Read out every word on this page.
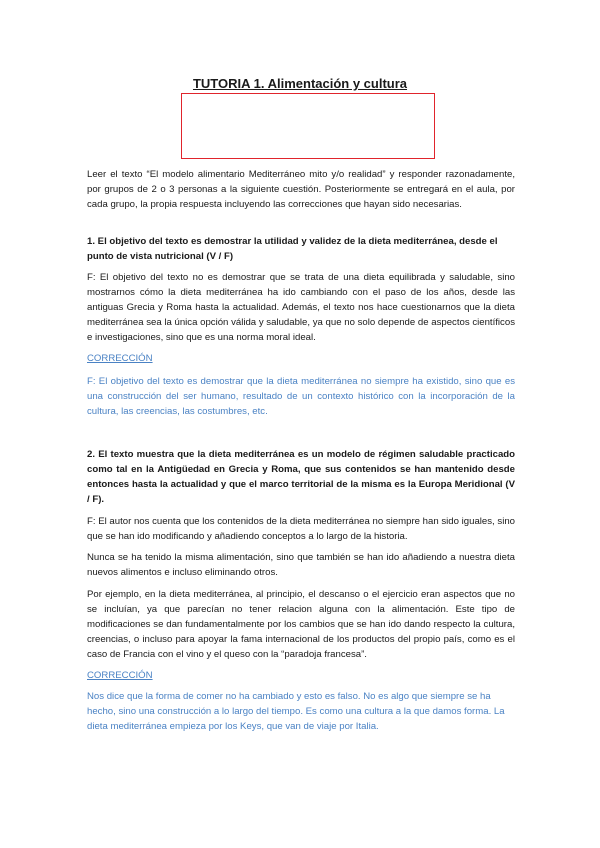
TUTORIA 1. Alimentación y cultura

Leer el texto “El modelo alimentario Mediterráneo mito y/o realidad” y responder razonadamente, por grupos de 2 o 3 personas a la siguiente cuestión. Posteriormente se entregará en el aula, por cada grupo, la propia respuesta incluyendo las correcciones que hayan sido necesarias.

1. El objetivo del texto es demostrar la utilidad y validez de la dieta mediterránea, desde el punto de vista nutricional (V / F)

F: El objetivo del texto no es demostrar que se trata de una dieta equilibrada y saludable, sino mostrarnos cómo la dieta mediterránea ha ido cambiando con el paso de los años, desde las antiguas Grecia y Roma hasta la actualidad. Además, el texto nos hace cuestionarnos que la dieta mediterránea sea la única opción válida y saludable, ya que no solo depende de aspectos científicos e investigaciones, sino que es una norma moral ideal.

CORRECCIÓN

F: El objetivo del texto es demostrar que la dieta mediterránea no siempre ha existido, sino que es una construcción del ser humano, resultado de un contexto histórico con la incorporación de la cultura, las creencias, las costumbres, etc.

2. El texto muestra que la dieta mediterránea es un modelo de régimen saludable practicado como tal en la Antigüedad en Grecia y Roma, que sus contenidos se han mantenido desde entonces hasta la actualidad y que el marco territorial de la misma es la Europa Meridional (V / F).

F: El autor nos cuenta que los contenidos de la dieta mediterránea no siempre han sido iguales, sino que se han ido modificando y añadiendo conceptos a lo largo de la historia.

Nunca se ha tenido la misma alimentación, sino que también se han ido añadiendo a nuestra dieta nuevos alimentos e incluso eliminando otros.

Por ejemplo, en la dieta mediterránea, al principio, el descanso o el ejercicio eran aspectos que no se incluían, ya que parecían no tener relacion alguna con la alimentación. Este tipo de modificaciones se dan fundamentalmente por los cambios que se han ido dando respecto la cultura, creencias, o incluso para apoyar la fama internacional de los productos del propio país, como es el caso de Francia con el vino y el queso con la “paradoja francesa”.

CORRECCIÓN

Nos dice que la forma de comer no ha cambiado y esto es falso. No es algo que siempre se ha hecho, sino una construcción a lo largo del tiempo. Es como una cultura a la que damos forma. La dieta mediterránea empieza por los Keys, que van de viaje por Italia.
